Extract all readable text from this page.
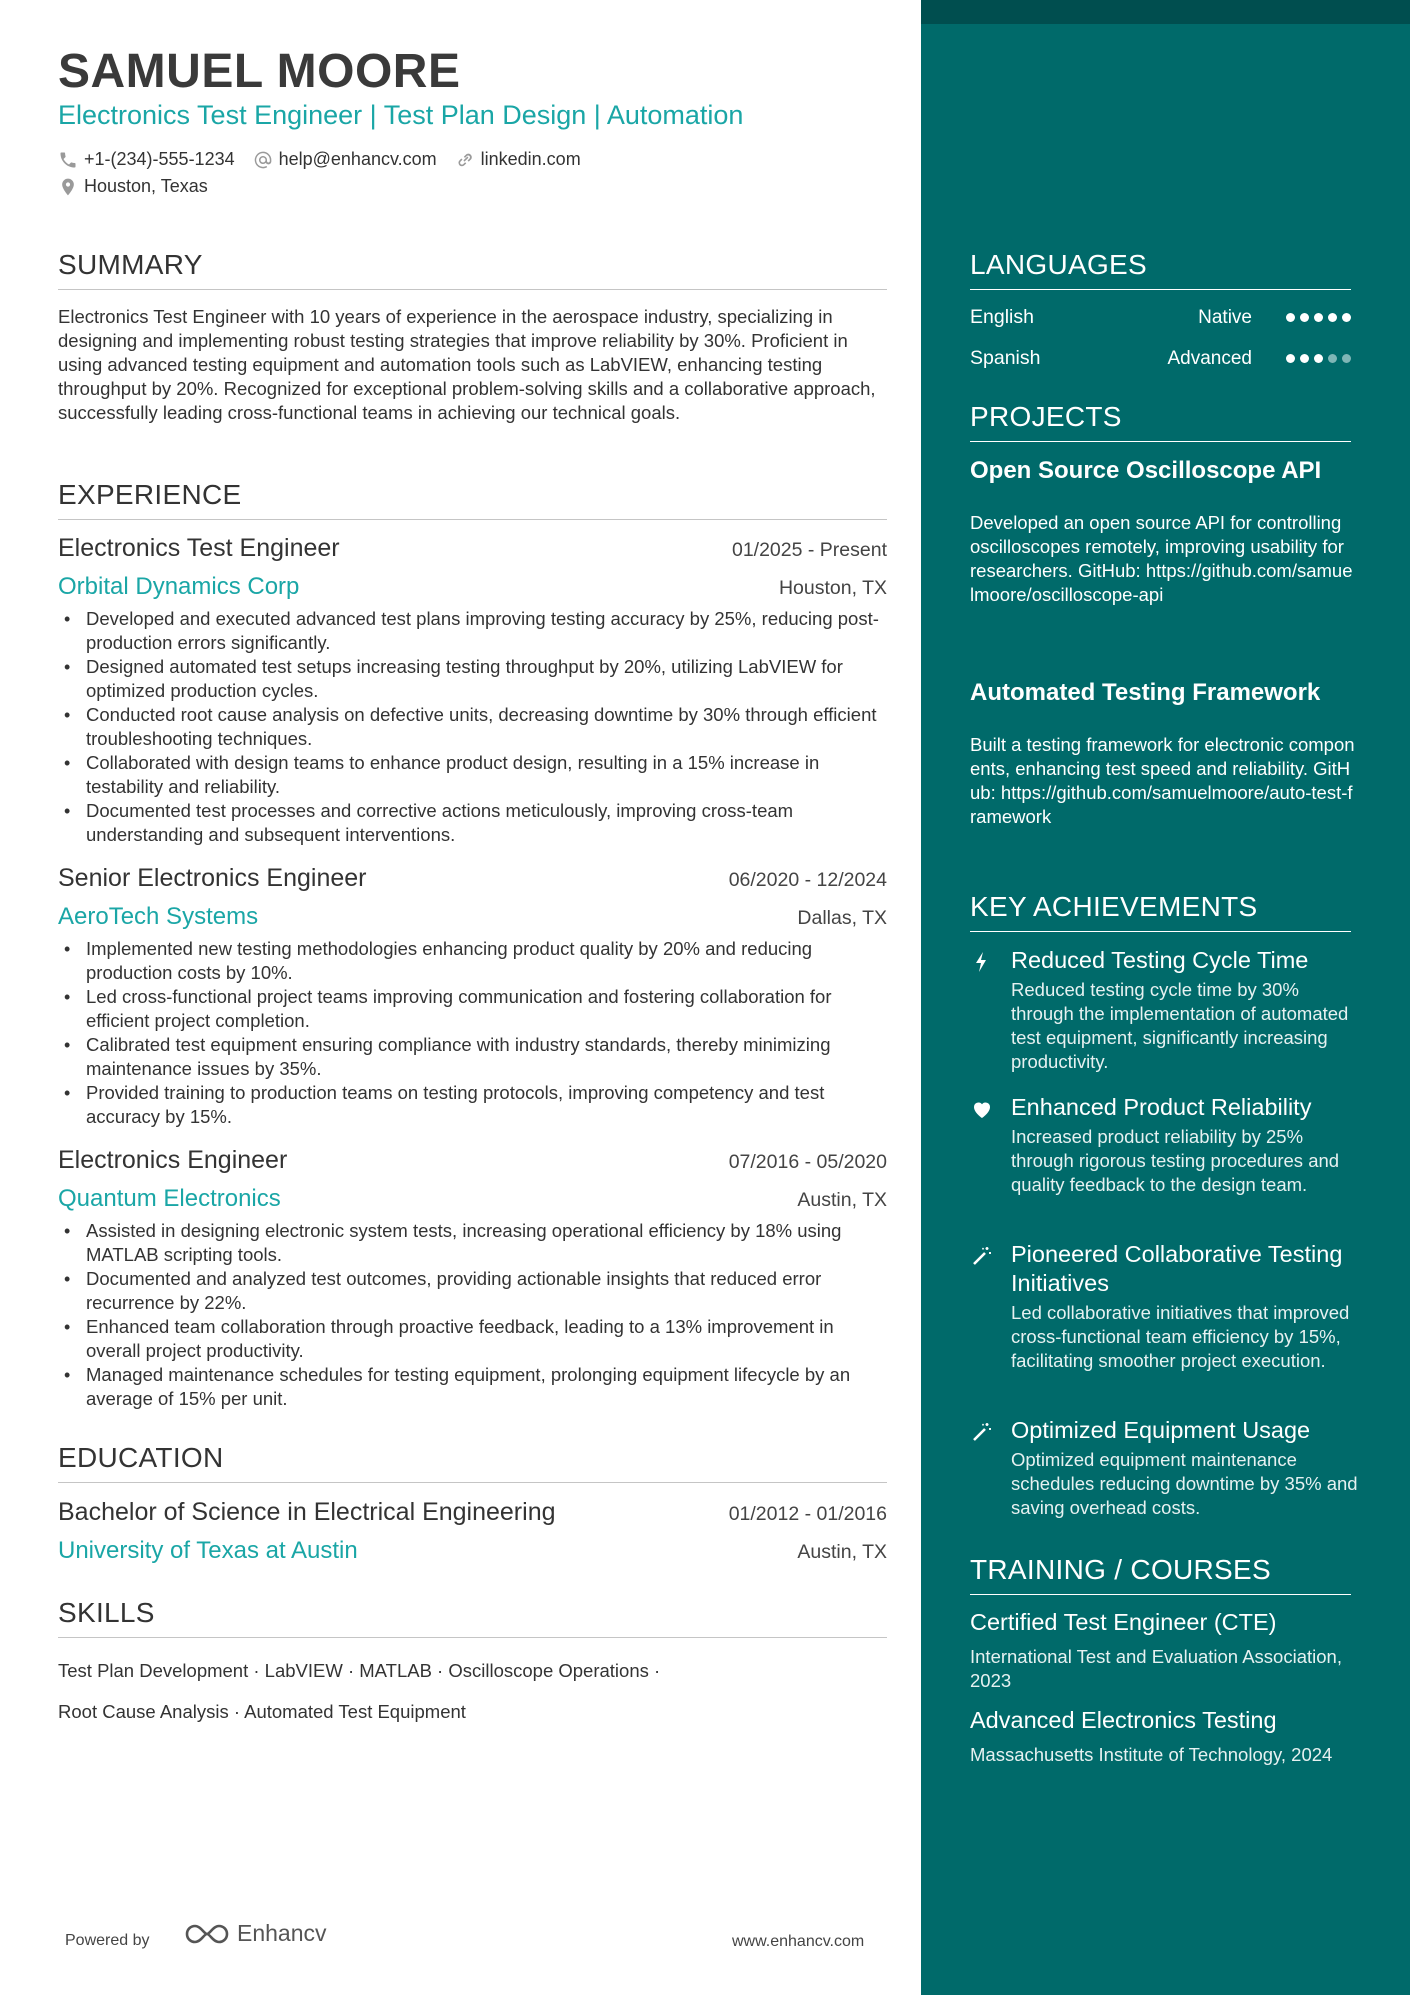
SAMUEL MOORE
Electronics Test Engineer | Test Plan Design | Automation
+1-(234)-555-1234 help@enhancv.com linkedin.com
Houston, Texas
SUMMARY
Electronics Test Engineer with 10 years of experience in the aerospace industry, specializing in designing and implementing robust testing strategies that improve reliability by 30%. Proficient in using advanced testing equipment and automation tools such as LabVIEW, enhancing testing throughput by 20%. Recognized for exceptional problem-solving skills and a collaborative approach, successfully leading cross-functional teams in achieving our technical goals.
EXPERIENCE
Electronics Test Engineer	01/2025 - Present
Orbital Dynamics Corp	Houston, TX
• Developed and executed advanced test plans improving testing accuracy by 25%, reducing post-production errors significantly.
• Designed automated test setups increasing testing throughput by 20%, utilizing LabVIEW for optimized production cycles.
• Conducted root cause analysis on defective units, decreasing downtime by 30% through efficient troubleshooting techniques.
• Collaborated with design teams to enhance product design, resulting in a 15% increase in testability and reliability.
• Documented test processes and corrective actions meticulously, improving cross-team understanding and subsequent interventions.
Senior Electronics Engineer	06/2020 - 12/2024
AeroTech Systems	Dallas, TX
• Implemented new testing methodologies enhancing product quality by 20% and reducing production costs by 10%.
• Led cross-functional project teams improving communication and fostering collaboration for efficient project completion.
• Calibrated test equipment ensuring compliance with industry standards, thereby minimizing maintenance issues by 35%.
• Provided training to production teams on testing protocols, improving competency and test accuracy by 15%.
Electronics Engineer	07/2016 - 05/2020
Quantum Electronics	Austin, TX
• Assisted in designing electronic system tests, increasing operational efficiency by 18% using MATLAB scripting tools.
• Documented and analyzed test outcomes, providing actionable insights that reduced error recurrence by 22%.
• Enhanced team collaboration through proactive feedback, leading to a 13% improvement in overall project productivity.
• Managed maintenance schedules for testing equipment, prolonging equipment lifecycle by an average of 15% per unit.
EDUCATION
Bachelor of Science in Electrical Engineering	01/2012 - 01/2016
University of Texas at Austin	Austin, TX
SKILLS
Test Plan Development · LabVIEW · MATLAB · Oscilloscope Operations ·
Root Cause Analysis · Automated Test Equipment
Powered by	Enhancv	www.enhancv.com
LANGUAGES
English	Native
Spanish	Advanced
PROJECTS
Open Source Oscilloscope API
Developed an open source API for controlling oscilloscopes remotely, improving usability for researchers. GitHub: https://github.com/samuelmoore/oscilloscope-api
Automated Testing Framework
Built a testing framework for electronic components, enhancing test speed and reliability. GitHub: https://github.com/samuelmoore/auto-test-framework
KEY ACHIEVEMENTS
Reduced Testing Cycle Time
Reduced testing cycle time by 30% through the implementation of automated test equipment, significantly increasing productivity.
Enhanced Product Reliability
Increased product reliability by 25% through rigorous testing procedures and quality feedback to the design team.
Pioneered Collaborative Testing Initiatives
Led collaborative initiatives that improved cross-functional team efficiency by 15%, facilitating smoother project execution.
Optimized Equipment Usage
Optimized equipment maintenance schedules reducing downtime by 35% and saving overhead costs.
TRAINING / COURSES
Certified Test Engineer (CTE)
International Test and Evaluation Association, 2023
Advanced Electronics Testing
Massachusetts Institute of Technology, 2024
